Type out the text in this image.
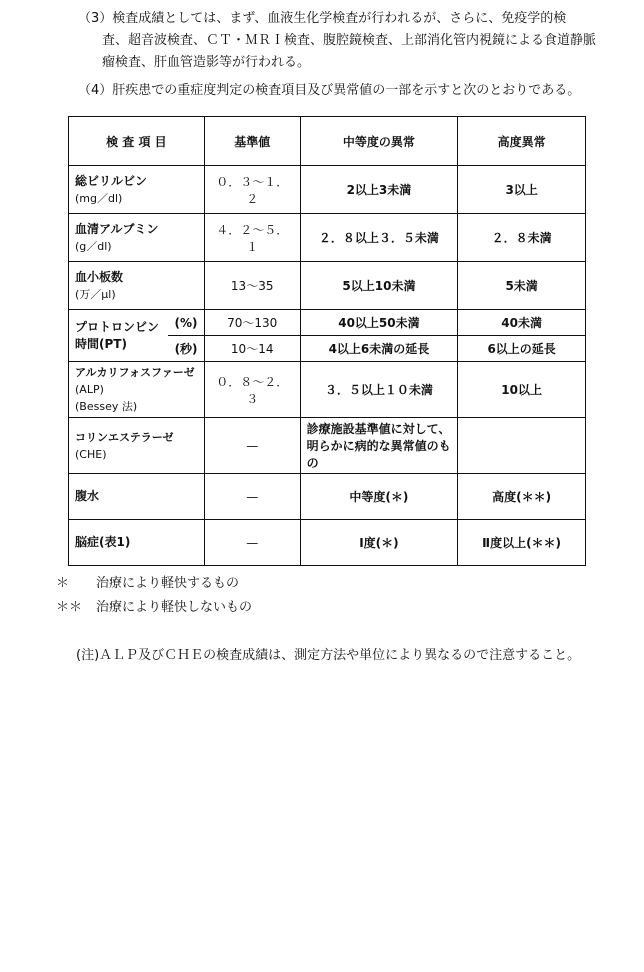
（3）検査成績としては、まず、血液生化学検査が行われるが、さらに、免疫学的検
査、超音波検査、ＣＴ・ＭＲＩ検査、腹腔鏡検査、上部消化管内視鏡による食道静脈
瘤検査、肝血管造影等が行われる。
（4）肝疾患での重症度判定の検査項目及び異常値の一部を示すと次のとおりである。
検 査 項 目		基準値	中等度の異常	高度異常
総ビリルビン
(mg／dl)		０．３～１．２	2以上3未満	3以上
血清アルブミン
(g／dl)		４．２～５．１	２．８以上３．５未満	２．８未満
血小板数
(万／μl)		13～35	5以上10未満	5未満
プロトロンビン
時間(PT)	(%)	70～130	40以上50未満	40未満
	(秒)	10～14	4以上6未満の延長	6以上の延長
アルカリフォスファーゼ
(ALP)
(Bessey 法)		０．８～２．３	３．５以上１０未満	10以上
コリンエステラーゼ
(CHE)		—	診療施設基準値に対して、明らかに病的な異常値のもの	
腹水		—	中等度(＊)	高度(＊＊)
脳症(表1)		—	Ⅰ度(＊)	Ⅱ度以上(＊＊)
＊ 治療により軽快するもの
＊＊ 治療により軽快しないもの
(注)ＡＬＰ及びＣＨＥの検査成績は、測定方法や単位により異なるので注意すること。
